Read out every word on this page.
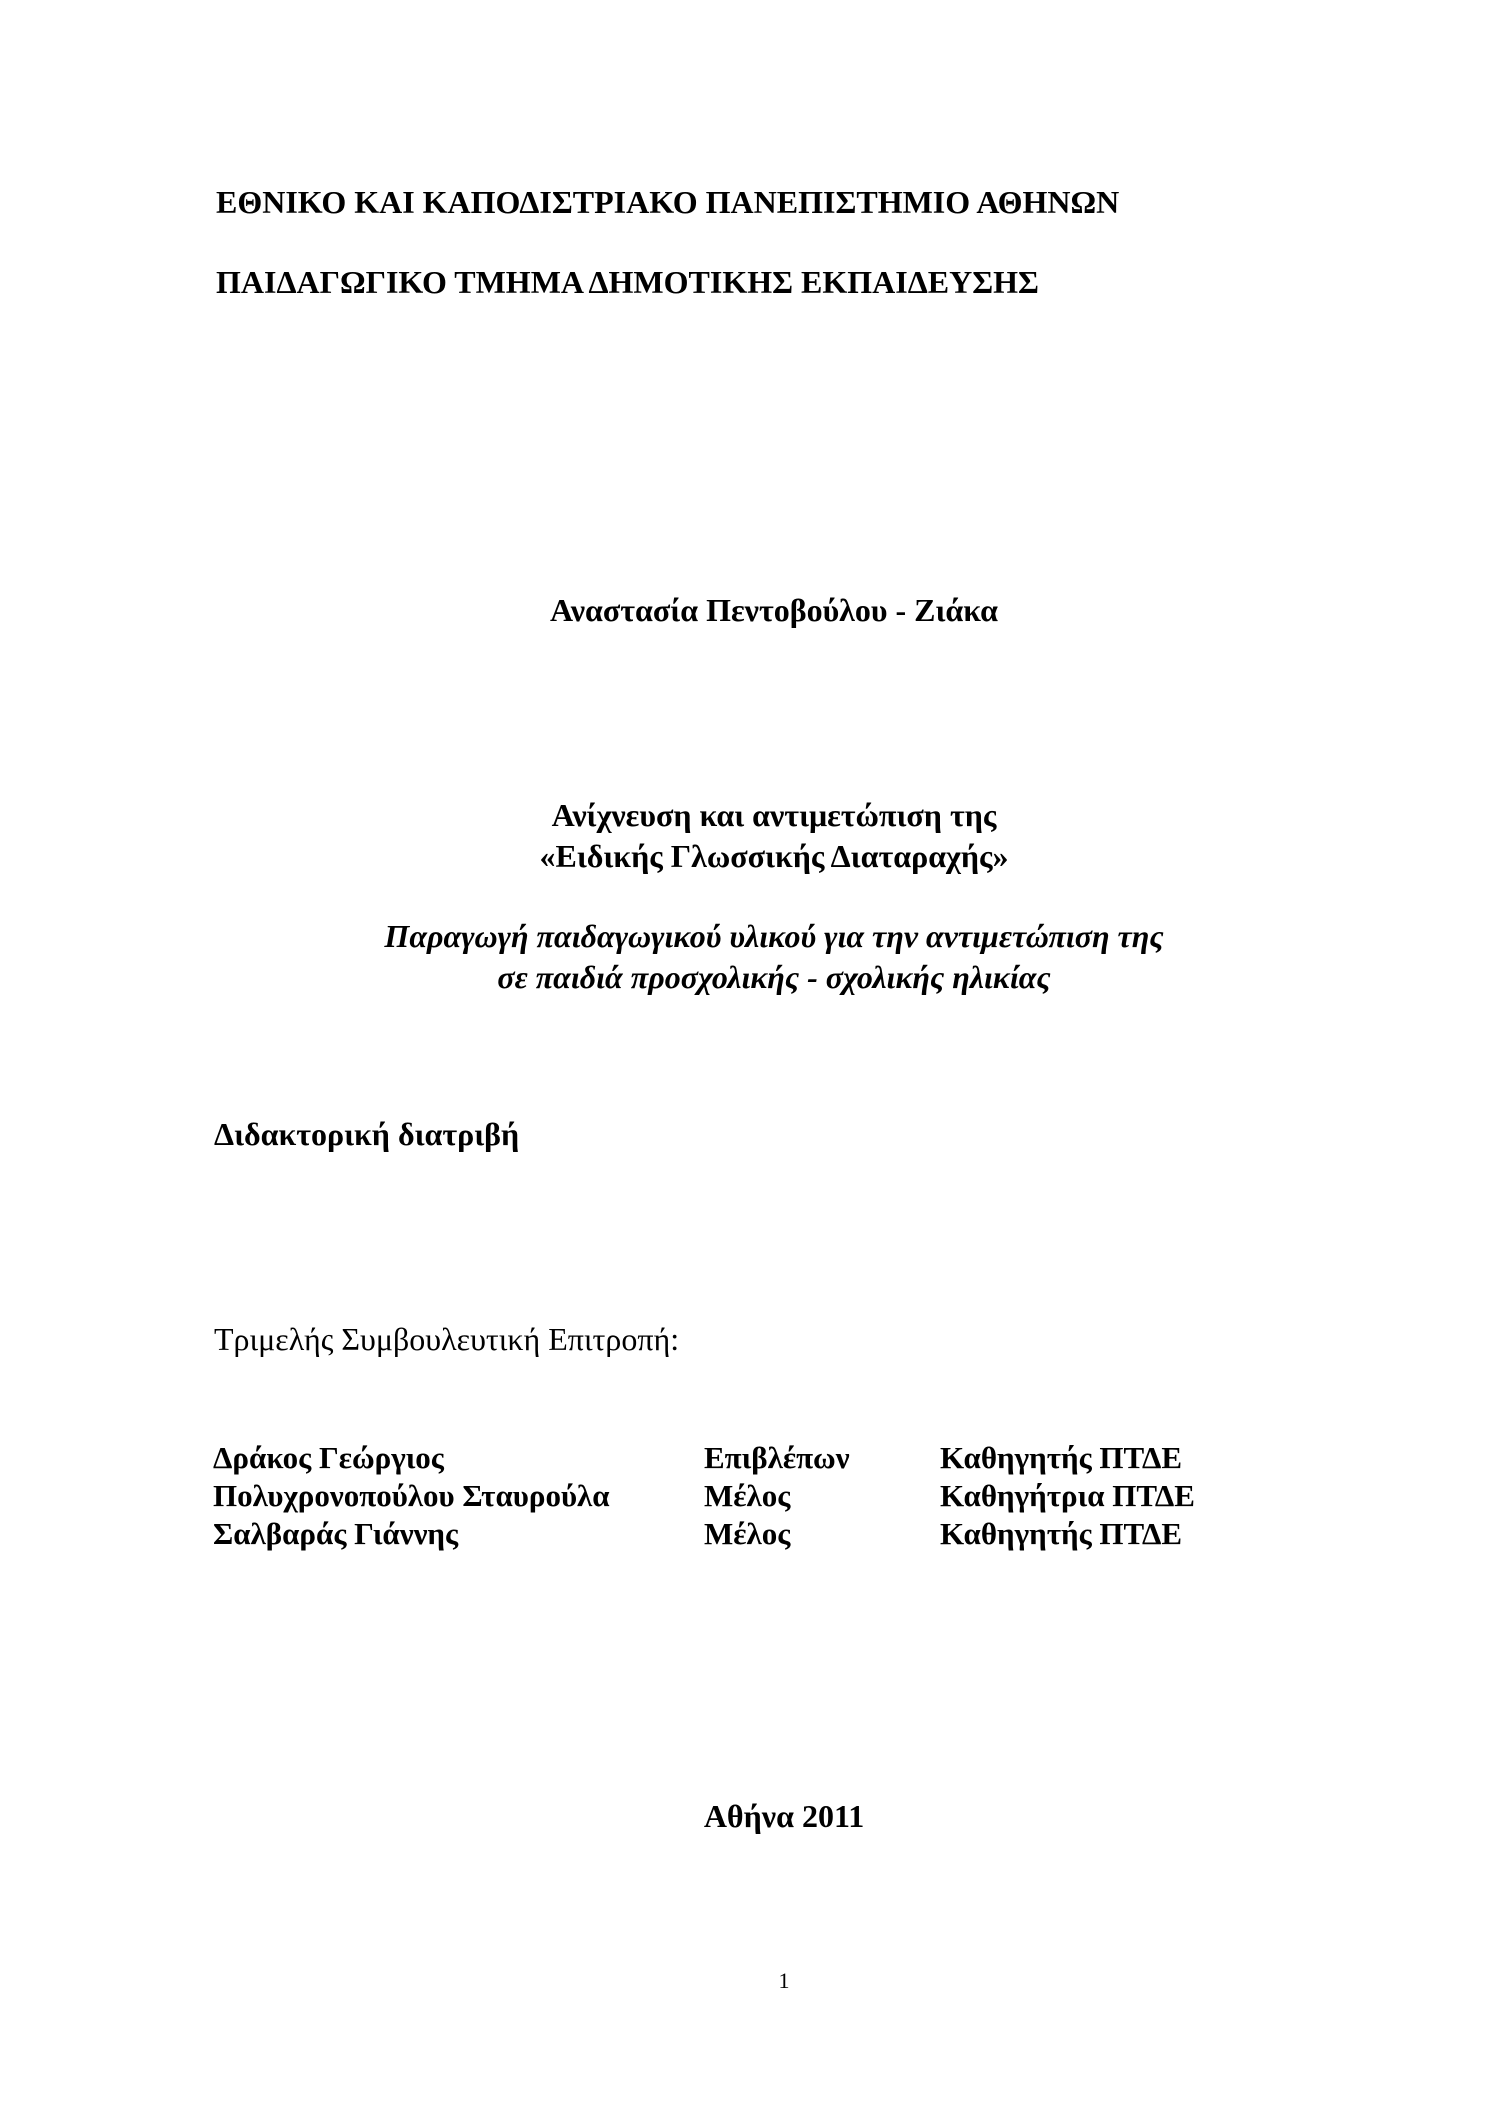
ΕΘΝΙΚΟ ΚΑΙ ΚΑΠΟΔΙΣΤΡΙΑΚΟ ΠΑΝΕΠΙΣΤΗΜΙΟ ΑΘΗΝΩΝ
ΠΑΙΔΑΓΩΓΙΚΟ ΤΜΗΜΑ ΔΗΜΟΤΙΚΗΣ ΕΚΠΑΙΔΕΥΣΗΣ
Αναστασία Πεντοβούλου - Ζιάκα
Ανίχνευση και αντιμετώπιση της
«Ειδικής Γλωσσικής Διαταραχής»
Παραγωγή παιδαγωγικού υλικού για την αντιμετώπιση της
σε παιδιά προσχολικής - σχολικής ηλικίας
Διδακτορική διατριβή
Τριμελής Συμβουλευτική Επιτροπή:
Δράκος Γεώργιος	Επιβλέπων	Καθηγητής ΠΤΔΕ
Πολυχρονοπούλου Σταυρούλα	Μέλος	Καθηγήτρια ΠΤΔΕ
Σαλβαράς Γιάννης	Μέλος	Καθηγητής ΠΤΔΕ
Αθήνα 2011
1
